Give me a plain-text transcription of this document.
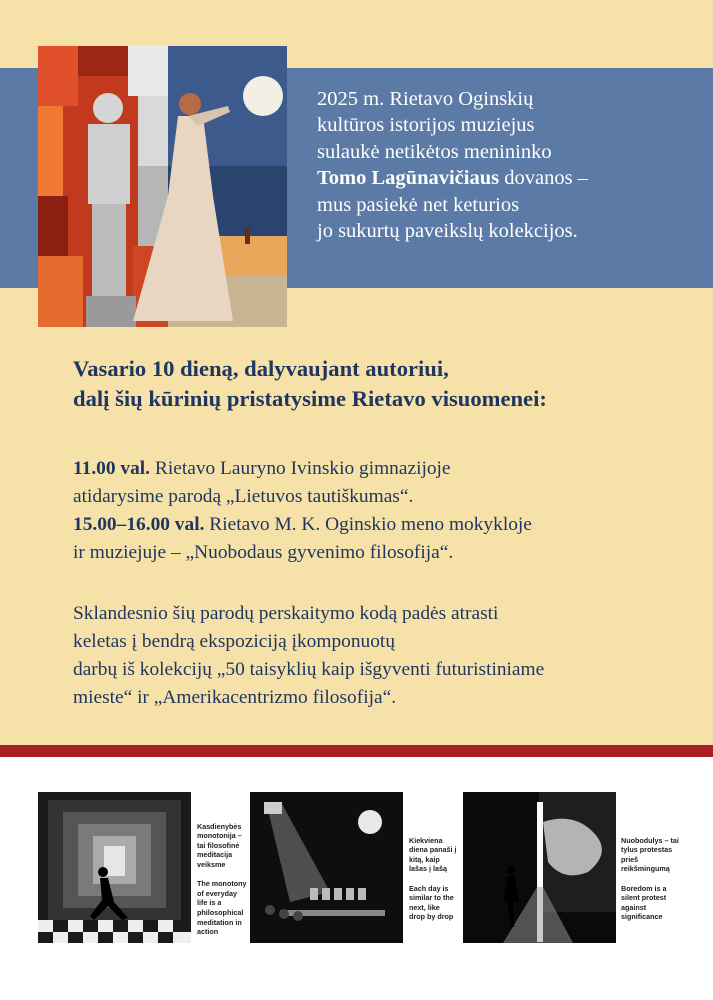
2025 m. Rietavo Oginskių
kultūros istorijos muziejus
sulaukė netikėtos menininko
Tomo Lagūnavičiaus dovanos –
mus pasiekė net keturios
jo sukurtų paveikslų kolekcijos.
Vasario 10 dieną, dalyvaujant autoriui,
dalį šių kūrinių pristatysime Rietavo visuomenei:

11.00 val. Rietavo Lauryno Ivinskio gimnazijoje
atidarysime parodą „Lietuvos tautiškumas“.

15.00–16.00 val. Rietavo M. K. Oginskio meno mokykloje
ir muziejuje – „Nuobodaus gyvenimo filosofija“.

Sklandesnio šių parodų perskaitymo kodą padės atrasti
keletas į bendrą ekspoziciją įkomponuotų
darbų iš kolekcijų „50 taisyklių kaip išgyventi futuristiniame
mieste“ ir „Amerikacentrizmo filosofija“.

Kasdienybės
monotonija –
tai filosofinė
meditacija
veiksme

The monotony
of everyday
life is a
philosophical
meditation in
action

Kiekviena
diena panaši į
kitą, kaip
lašas į lašą

Each day is
similar to the
next, like
drop by drop

Nuobodulys – tai
tylus protestas
prieš
reikšmingumą

Boredom is a
silent protest
against
significance
